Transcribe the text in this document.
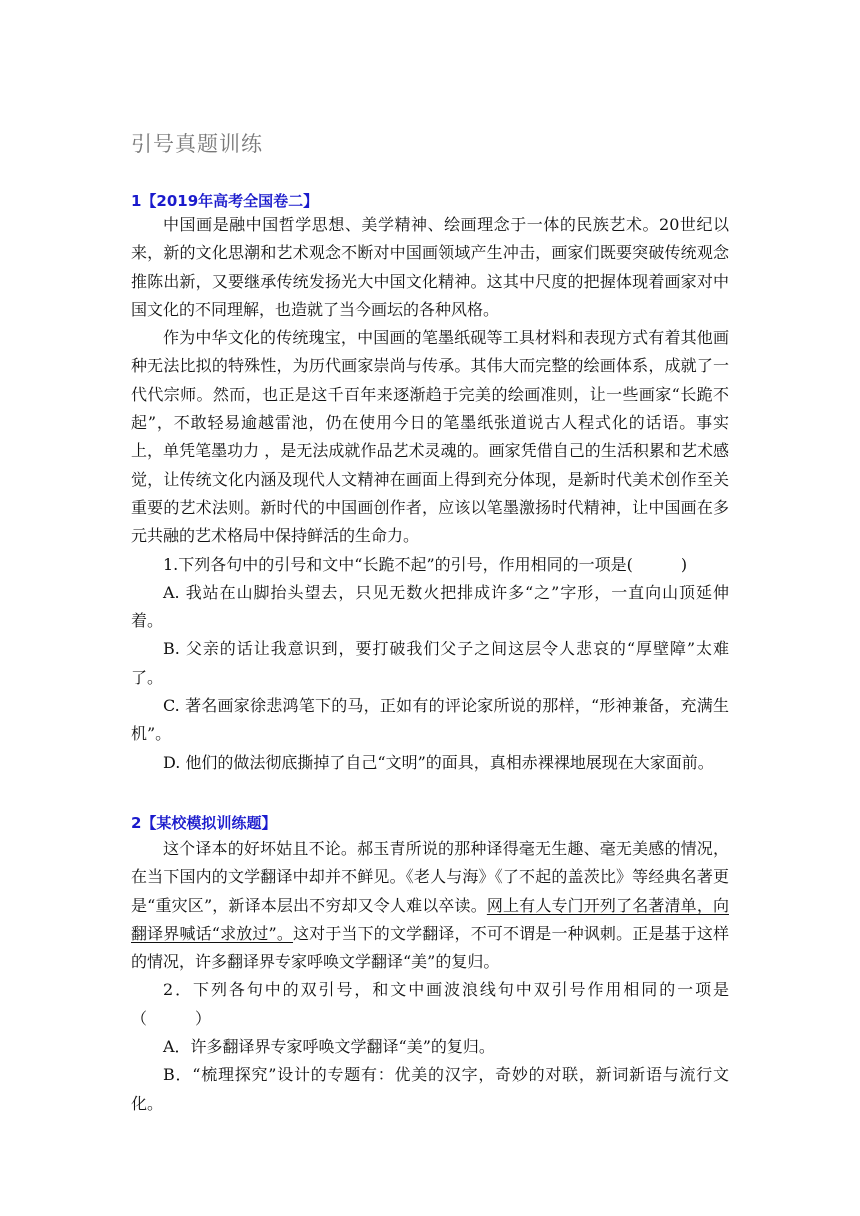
引号真题训练
1【2019年高考全国卷二】

中国画是融中国哲学思想、美学精神、绘画理念于一体的民族艺术。20世纪以来，新的文化思潮和艺术观念不断对中国画领域产生冲击，画家们既要突破传统观念推陈出新，又要继承传统发扬光大中国文化精神。这其中尺度的把握体现着画家对中国文化的不同理解，也造就了当今画坛的各种风格。

作为中华文化的传统瑰宝，中国画的笔墨纸砚等工具材料和表现方式有着其他画种无法比拟的特殊性，为历代画家崇尚与传承。其伟大而完整的绘画体系，成就了一代代宗师。然而，也正是这千百年来逐渐趋于完美的绘画准则，让一些画家“长跪不起”，不敢轻易逾越雷池，仍在使用今日的笔墨纸张道说古人程式化的话语。事实上，单凭笔墨功力 ，是无法成就作品艺术灵魂的。画家凭借自己的生活积累和艺术感觉，让传统文化内涵及现代人文精神在画面上得到充分体现，是新时代美术创作至关重要的艺术法则。新时代的中国画创作者，应该以笔墨激扬时代精神，让中国画在多元共融的艺术格局中保持鲜活的生命力。

1.下列各句中的引号和文中“长跪不起”的引号，作用相同的一项是(　　　)

A. 我站在山脚抬头望去，只见无数火把排成许多“之”字形，一直向山顶延伸着。

B. 父亲的话让我意识到，要打破我们父子之间这层令人悲哀的“厚壁障”太难了。

C. 著名画家徐悲鸿笔下的马，正如有的评论家所说的那样，“形神兼备，充满生机”。

D. 他们的做法彻底撕掉了自己“文明”的面具，真相赤裸裸地展现在大家面前。

2【某校模拟训练题】

这个译本的好坏姑且不论。郝玉青所说的那种译得毫无生趣、毫无美感的情况，在当下国内的文学翻译中却并不鲜见。《老人与海》《了不起的盖茨比》等经典名著更是“重灾区”，新译本层出不穷却又令人难以卒读。网上有人专门开列了名著清单，向翻译界喊话“求放过”。这对于当下的文学翻译，不可不谓是一种讽刺。正是基于这样的情况，许多翻译界专家呼唤文学翻译“美”的复归。

2．下列各句中的双引号，和文中画波浪线句中双引号作用相同的一项是（　　　）

A．许多翻译界专家呼唤文学翻译“美”的复归。

B．“梳理探究”设计的专题有：优美的汉字，奇妙的对联，新词新语与流行文化。
